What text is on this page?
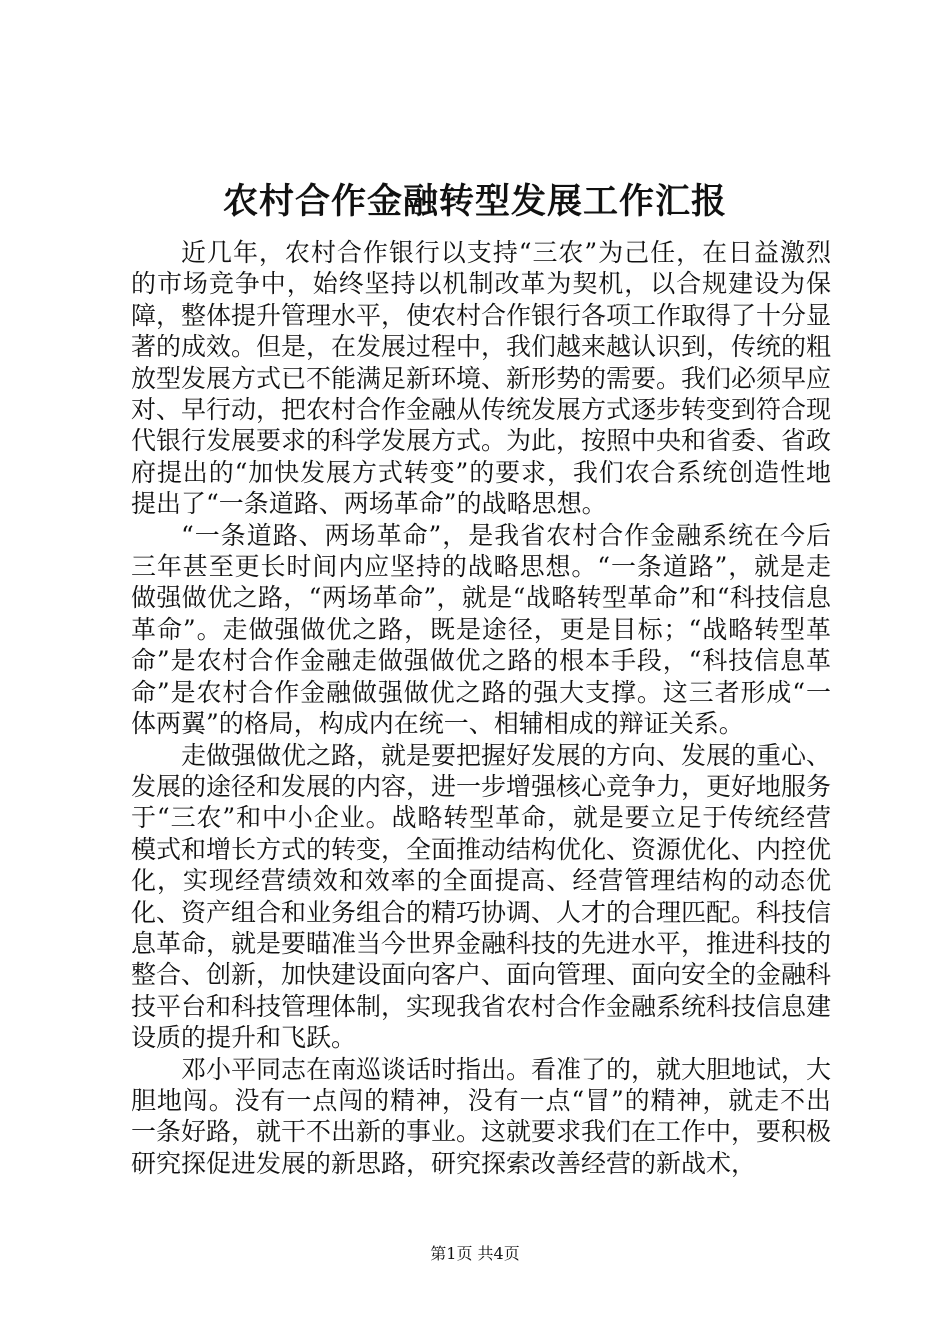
农村合作金融转型发展工作汇报

近几年，农村合作银行以支持“三农”为己任，在日益激烈的市场竞争中，始终坚持以机制改革为契机，以合规建设为保障，整体提升管理水平，使农村合作银行各项工作取得了十分显著的成效。但是，在发展过程中，我们越来越认识到，传统的粗放型发展方式已不能满足新环境、新形势的需要。我们必须早应对、早行动，把农村合作金融从传统发展方式逐步转变到符合现代银行发展要求的科学发展方式。为此，按照中央和省委、省政府提出的“加快发展方式转变”的要求，我们农合系统创造性地提出了“一条道路、两场革命”的战略思想。

“一条道路、两场革命”，是我省农村合作金融系统在今后三年甚至更长时间内应坚持的战略思想。“一条道路”，就是走做强做优之路，“两场革命”，就是“战略转型革命”和“科技信息革命”。走做强做优之路，既是途径，更是目标；“战略转型革命”是农村合作金融走做强做优之路的根本手段，“科技信息革命”是农村合作金融做强做优之路的强大支撑。这三者形成“一体两翼”的格局，构成内在统一、相辅相成的辩证关系。

走做强做优之路，就是要把握好发展的方向、发展的重心、发展的途径和发展的内容，进一步增强核心竞争力，更好地服务于“三农”和中小企业。战略转型革命，就是要立足于传统经营模式和增长方式的转变，全面推动结构优化、资源优化、内控优化，实现经营绩效和效率的全面提高、经营管理结构的动态优化、资产组合和业务组合的精巧协调、人才的合理匹配。科技信息革命，就是要瞄准当今世界金融科技的先进水平，推进科技的整合、创新，加快建设面向客户、面向管理、面向安全的金融科技平台和科技管理体制，实现我省农村合作金融系统科技信息建设质的提升和飞跃。

邓小平同志在南巡谈话时指出。看准了的，就大胆地试，大胆地闯。没有一点闯的精神，没有一点“冒”的精神，就走不出一条好路，就干不出新的事业。这就要求我们在工作中，要积极研究探促进发展的新思路，研究探索改善经营的新战术，

第1页 共4页
